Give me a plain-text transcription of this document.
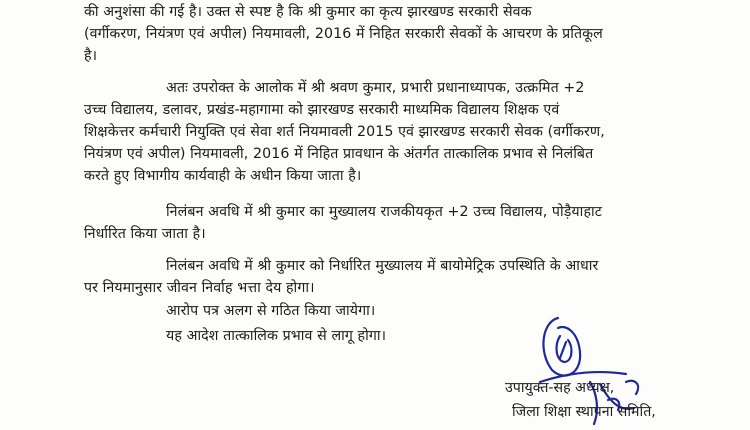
की अनुशंसा की गई है। उक्त से स्पष्ट है कि श्री कुमार का कृत्य झारखण्ड सरकारी सेवक
(वर्गीकरण, नियंत्रण एवं अपील) नियमावली, 2016 में निहित सरकारी सेवकों के आचरण के प्रतिकूल
है।
अतः उपरोक्त के आलोक में श्री श्रवण कुमार, प्रभारी प्रधानाध्यापक, उत्क्रमित +2
उच्च विद्यालय, डलावर, प्रखंड-महागामा को झारखण्ड सरकारी माध्यमिक विद्यालय शिक्षक एवं
शिक्षकेत्तर कर्मचारी नियुक्ति एवं सेवा शर्त नियमावली 2015 एवं झारखण्ड सरकारी सेवक (वर्गीकरण,
नियंत्रण एवं अपील) नियमावली, 2016 में निहित प्रावधान के अंतर्गत तात्कालिक प्रभाव से निलंबित
करते हुए विभागीय कार्यवाही के अधीन किया जाता है।
निलंबन अवधि में श्री कुमार का मुख्यालय राजकीयकृत +2 उच्च विद्यालय, पोड़ैयाहाट
निर्धारित किया जाता है।
निलंबन अवधि में श्री कुमार को निर्धारित मुख्यालय में बायोमेट्रिक उपस्थिति के आधार
पर नियमानुसार जीवन निर्वाह भत्ता देय होगा।
आरोप पत्र अलग से गठित किया जायेगा।
यह आदेश तात्कालिक प्रभाव से लागू होगा।
उपायुक्त-सह अध्यक्ष,
जिला शिक्षा स्थापना समिति,
